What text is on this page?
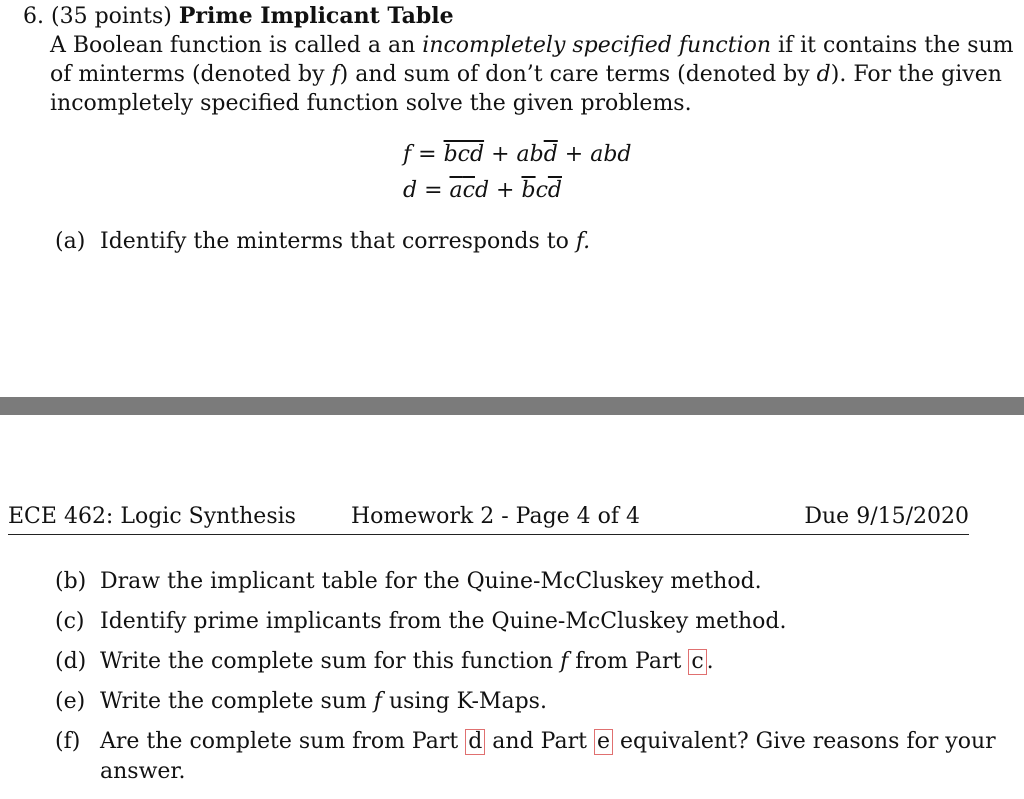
6. (35 points) Prime Implicant Table
A Boolean function is called a an incompletely specified function if it contains the sum
of minterms (denoted by f) and sum of don’t care terms (denoted by d). For the given
incompletely specified function solve the given problems.
$f = \overline{bcd} + ab\overline{d}$ + abd
$d = \overline{a}\overline{c}d + \overline{b}c\overline{d}$
(a) Identify the minterms that corresponds to f.
ECE 462: Logic Synthesis	Homework 2 - Page 4 of 4	Due 9/15/2020
(b) Draw the implicant table for the Quine-McCluskey method.
(c) Identify prime implicants from the Quine-McCluskey method.
(d) Write the complete sum for this function f from Part c .
(e) Write the complete sum f using K-Maps.
(f) Are the complete sum from Part d and Part e equivalent? Give reasons for your
answer.
